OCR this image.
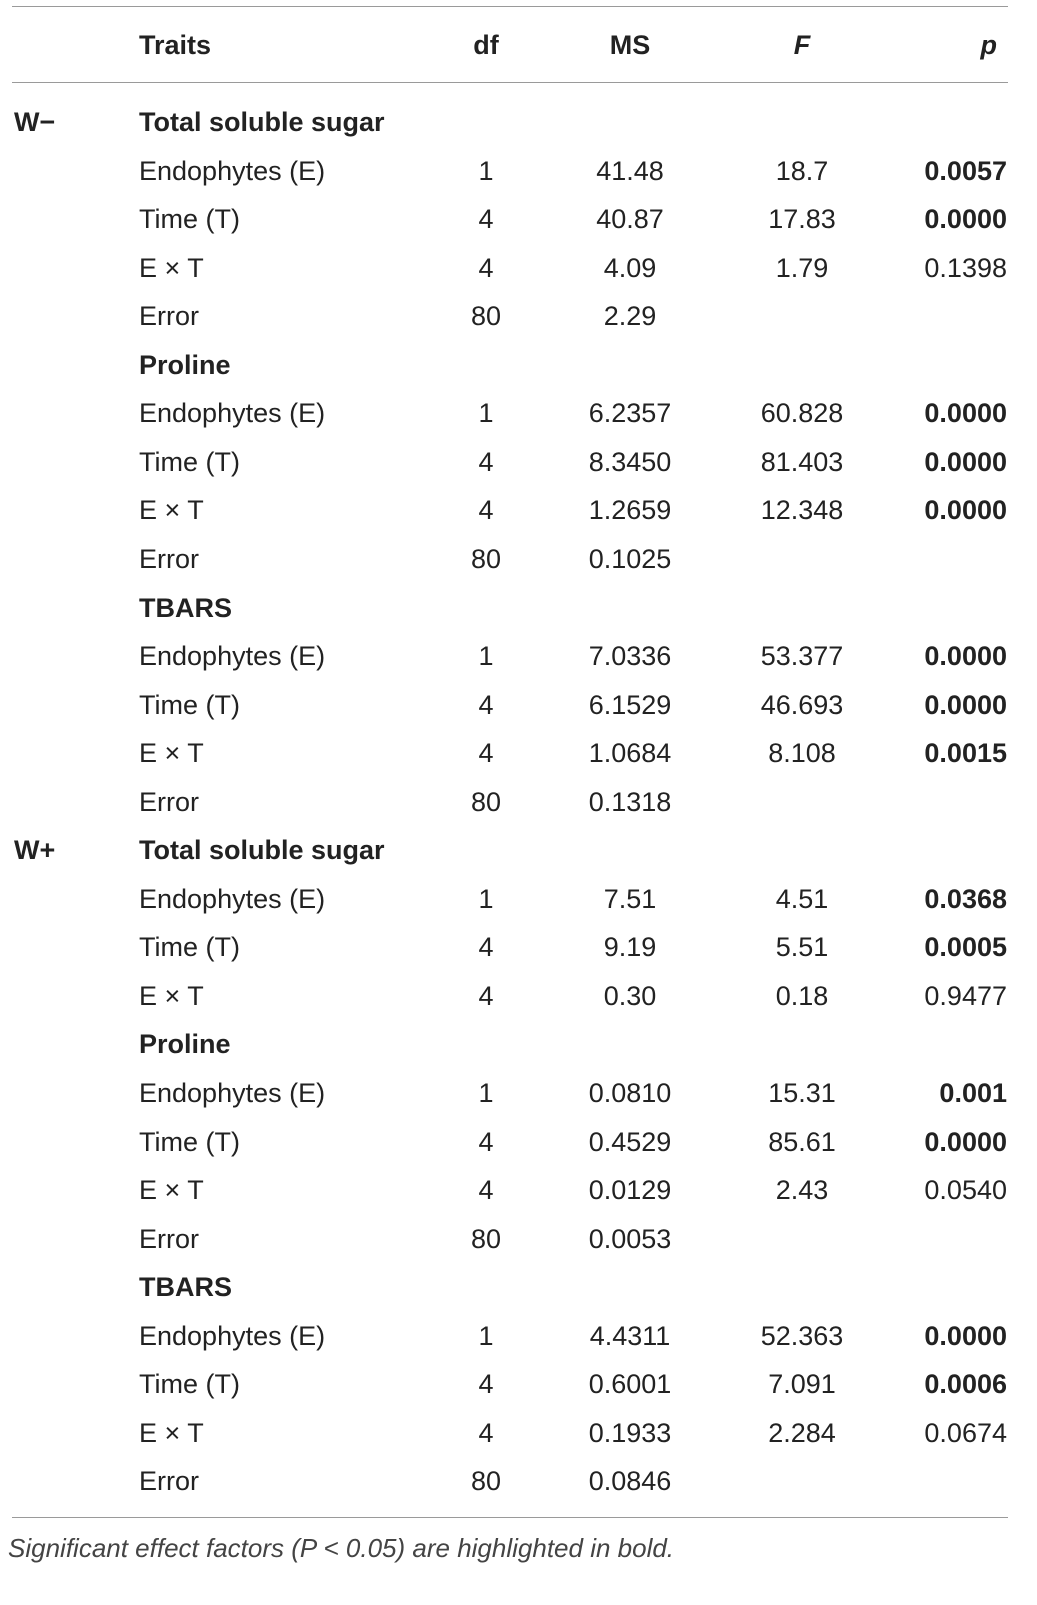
Traits	df	MS	F	p
W−	Total soluble sugar
Endophytes (E)	1	41.48	18.7	0.0057
Time (T)	4	40.87	17.83	0.0000
E × T	4	4.09	1.79	0.1398
Error	80	2.29
Proline
Endophytes (E)	1	6.2357	60.828	0.0000
Time (T)	4	8.3450	81.403	0.0000
E × T	4	1.2659	12.348	0.0000
Error	80	0.1025
TBARS
Endophytes (E)	1	7.0336	53.377	0.0000
Time (T)	4	6.1529	46.693	0.0000
E × T	4	1.0684	8.108	0.0015
Error	80	0.1318
W+	Total soluble sugar
Endophytes (E)	1	7.51	4.51	0.0368
Time (T)	4	9.19	5.51	0.0005
E × T	4	0.30	0.18	0.9477
Proline
Endophytes (E)	1	0.0810	15.31	0.001
Time (T)	4	0.4529	85.61	0.0000
E × T	4	0.0129	2.43	0.0540
Error	80	0.0053
TBARS
Endophytes (E)	1	4.4311	52.363	0.0000
Time (T)	4	0.6001	7.091	0.0006
E × T	4	0.1933	2.284	0.0674
Error	80	0.0846
Significant effect factors (P < 0.05) are highlighted in bold.
